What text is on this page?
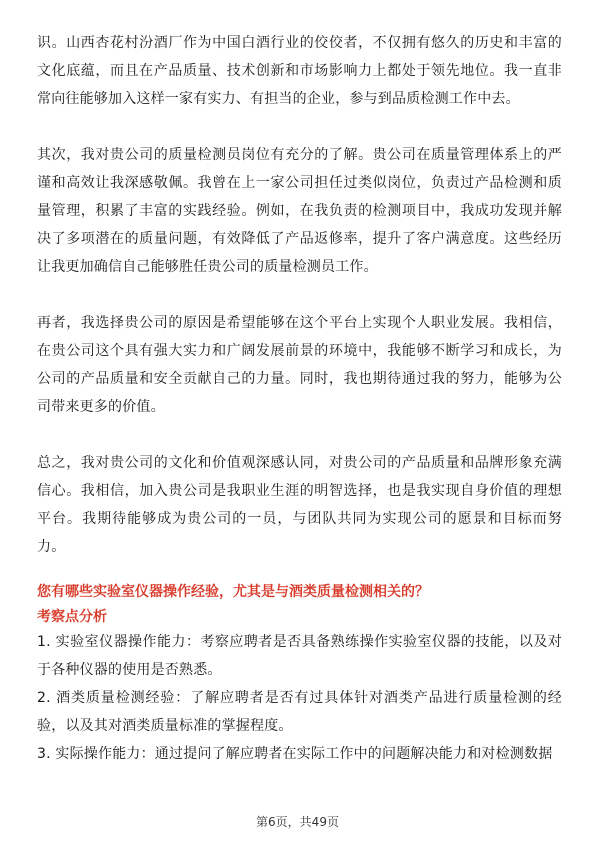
识。山西杏花村汾酒厂作为中国白酒行业的佼佼者，不仅拥有悠久的历史和丰富的文化底蕴，而且在产品质量、技术创新和市场影响力上都处于领先地位。我一直非常向往能够加入这样一家有实力、有担当的企业，参与到品质检测工作中去。

其次，我对贵公司的质量检测员岗位有充分的了解。贵公司在质量管理体系上的严谨和高效让我深感敬佩。我曾在上一家公司担任过类似岗位，负责过产品检测和质量管理，积累了丰富的实践经验。例如，在我负责的检测项目中，我成功发现并解决了多项潜在的质量问题，有效降低了产品返修率，提升了客户满意度。这些经历让我更加确信自己能够胜任贵公司的质量检测员工作。

再者，我选择贵公司的原因是希望能够在这个平台上实现个人职业发展。我相信，在贵公司这个具有强大实力和广阔发展前景的环境中，我能够不断学习和成长，为公司的产品质量和安全贡献自己的力量。同时，我也期待通过我的努力，能够为公司带来更多的价值。

总之，我对贵公司的文化和价值观深感认同，对贵公司的产品质量和品牌形象充满信心。我相信，加入贵公司是我职业生涯的明智选择，也是我实现自身价值的理想平台。我期待能够成为贵公司的一员，与团队共同为实现公司的愿景和目标而努力。

您有哪些实验室仪器操作经验，尤其是与酒类质量检测相关的？

考察点分析

1. 实验室仪器操作能力：考察应聘者是否具备熟练操作实验室仪器的技能，以及对于各种仪器的使用是否熟悉。

2. 酒类质量检测经验：了解应聘者是否有过具体针对酒类产品进行质量检测的经验，以及其对酒类质量标准的掌握程度。

3. 实际操作能力：通过提问了解应聘者在实际工作中的问题解决能力和对检测数据

第6页，共49页
